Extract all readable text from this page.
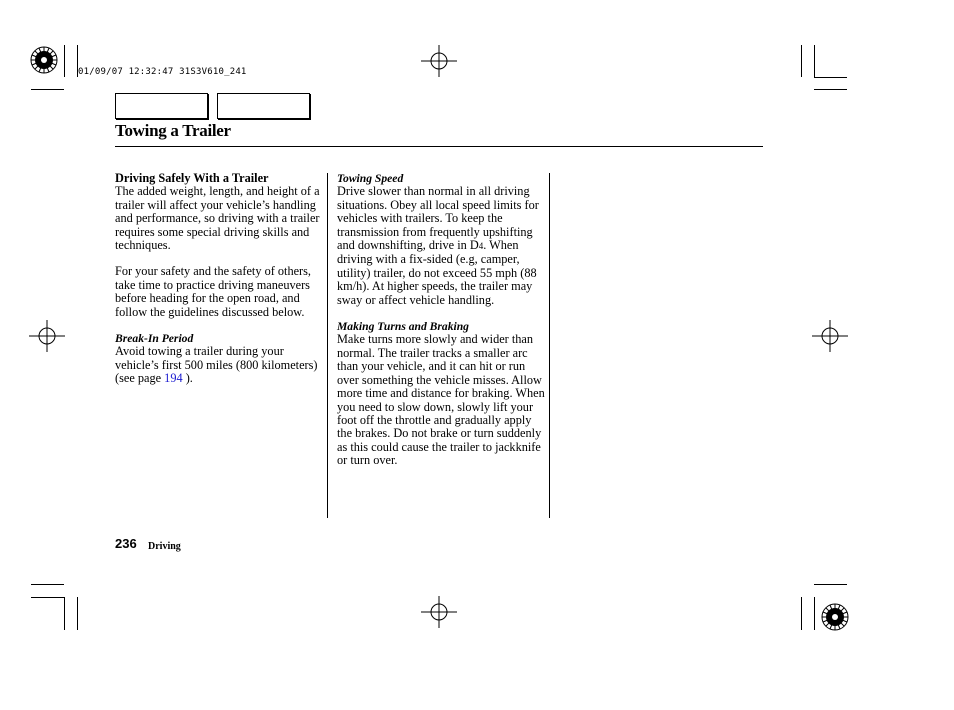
01/09/07 12:32:47 31S3V610_241
Towing a Trailer

Driving Safely With a Trailer

The added weight, length, and height of a trailer will affect your vehicle’s handling and performance, so driving with a trailer requires some special driving skills and techniques.

For your safety and the safety of others, take time to practice driving maneuvers before heading for the open road, and follow the guidelines discussed below.

Break-In Period

Avoid towing a trailer during your vehicle’s first 500 miles (800 kilometers) (see page 194 ).

Towing Speed

Drive slower than normal in all driving situations. Obey all local speed limits for vehicles with trailers. To keep the transmission from frequently upshifting and downshifting, drive in D4. When driving with a fix-sided (e.g, camper, utility) trailer, do not exceed 55 mph (88 km/h). At higher speeds, the trailer may sway or affect vehicle handling.

Making Turns and Braking

Make turns more slowly and wider than normal. The trailer tracks a smaller arc than your vehicle, and it can hit or run over something the vehicle misses. Allow more time and distance for braking. When you need to slow down, slowly lift your foot off the throttle and gradually apply the brakes. Do not brake or turn suddenly as this could cause the trailer to jackknife or turn over.

236 Driving
